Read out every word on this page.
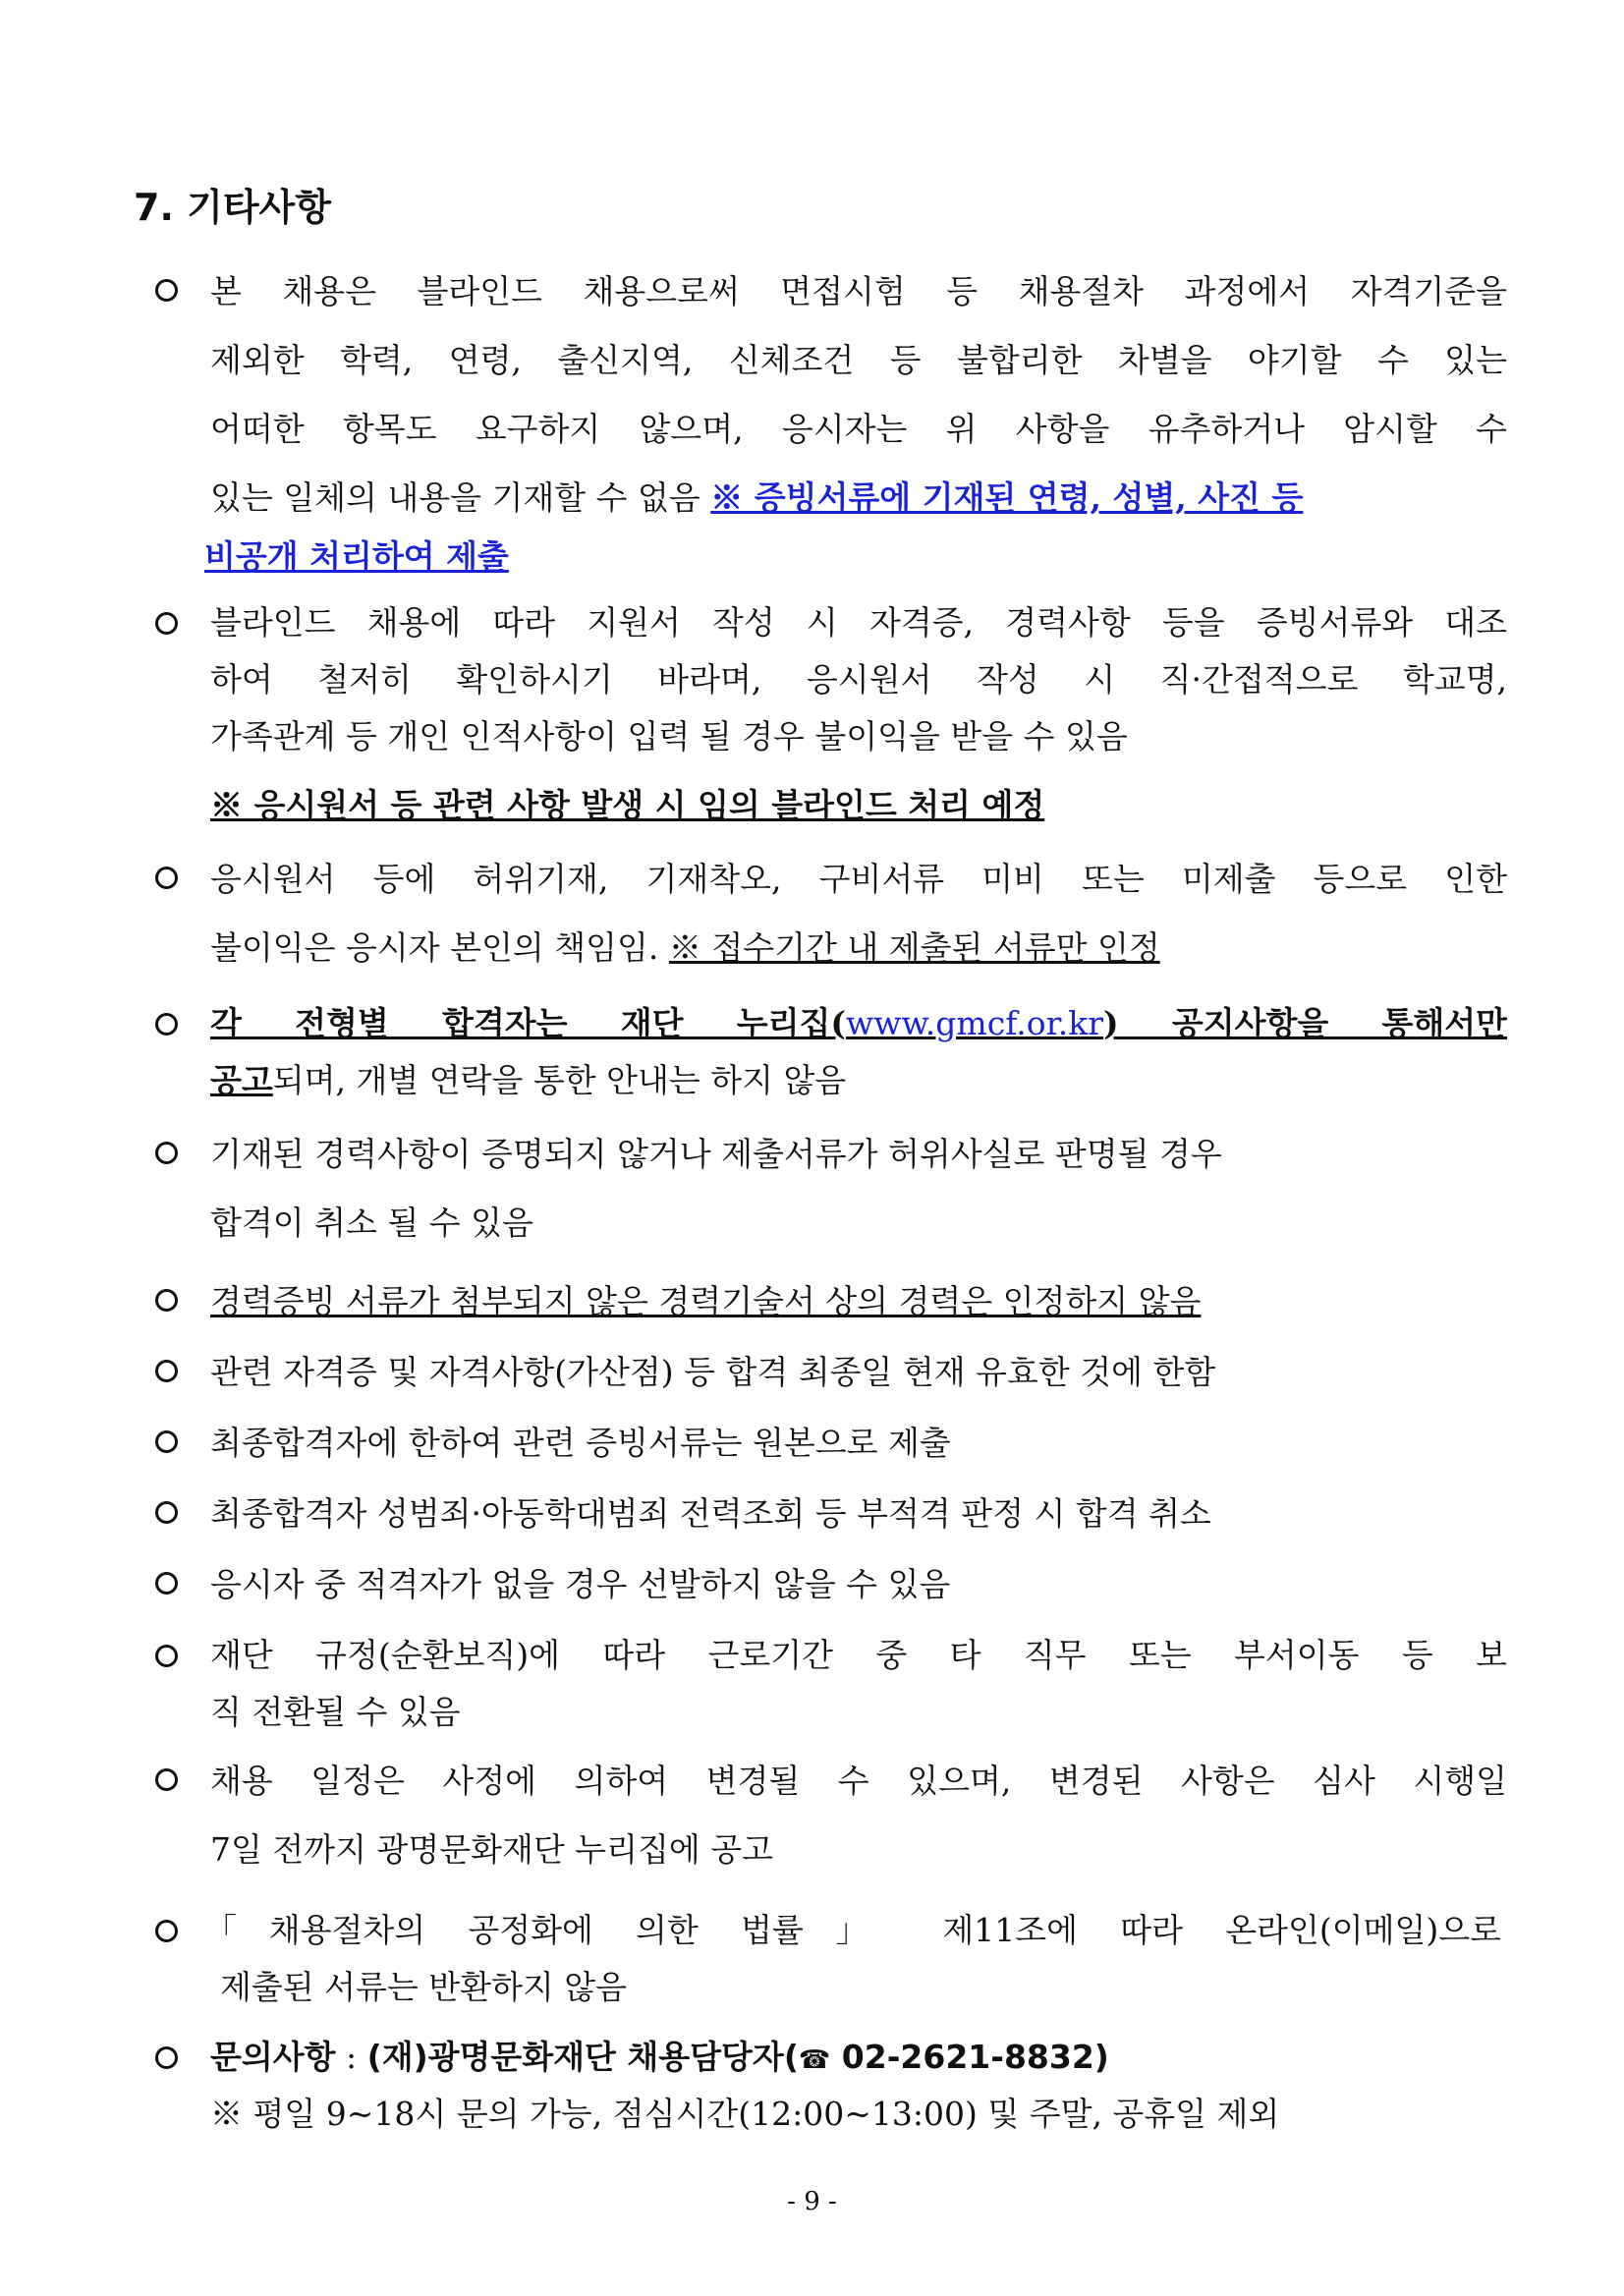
7. 기타사항
본 채용은 블라인드 채용으로써 면접시험 등 채용절차 과정에서 자격기준을
제외한 학력, 연령, 출신지역, 신체조건 등 불합리한 차별을 야기할 수 있는
어떠한 항목도 요구하지 않으며, 응시자는 위 사항을 유추하거나 암시할 수
있는 일체의 내용을 기재할 수 없음 ※ 증빙서류에 기재된 연령, 성별, 사진 등
비공개 처리하여 제출
블라인드 채용에 따라 지원서 작성 시 자격증, 경력사항 등을 증빙서류와 대조
하여 철저히 확인하시기 바라며, 응시원서 작성 시 직·간접적으로 학교명,
가족관계 등 개인 인적사항이 입력 될 경우 불이익을 받을 수 있음
※ 응시원서 등 관련 사항 발생 시 임의 블라인드 처리 예정
응시원서 등에 허위기재, 기재착오, 구비서류 미비 또는 미제출 등으로 인한
불이익은 응시자 본인의 책임임. ※ 접수기간 내 제출된 서류만 인정
각 전형별 합격자는 재단 누리집(www.gmcf.or.kr) 공지사항을 통해서만
공고되며, 개별 연락을 통한 안내는 하지 않음
기재된 경력사항이 증명되지 않거나 제출서류가 허위사실로 판명될 경우
합격이 취소 될 수 있음
경력증빙 서류가 첨부되지 않은 경력기술서 상의 경력은 인정하지 않음
관련 자격증 및 자격사항(가산점) 등 합격 최종일 현재 유효한 것에 한함
최종합격자에 한하여 관련 증빙서류는 원본으로 제출
최종합격자 성범죄·아동학대범죄 전력조회 등 부적격 판정 시 합격 취소
응시자 중 적격자가 없을 경우 선발하지 않을 수 있음
재단 규정(순환보직)에 따라 근로기간 중 타 직무 또는 부서이동 등 보
직 전환될 수 있음
채용 일정은 사정에 의하여 변경될 수 있으며, 변경된 사항은 심사 시행일
7일 전까지 광명문화재단 누리집에 공고
「채용절차의 공정화에 의한 법률」 제11조에 따라 온라인(이메일)으로
제출된 서류는 반환하지 않음
문의사항 : (재)광명문화재단 채용담당자(☎ 02-2621-8832)
※ 평일 9~18시 문의 가능, 점심시간(12:00~13:00) 및 주말, 공휴일 제외
- 9 -
